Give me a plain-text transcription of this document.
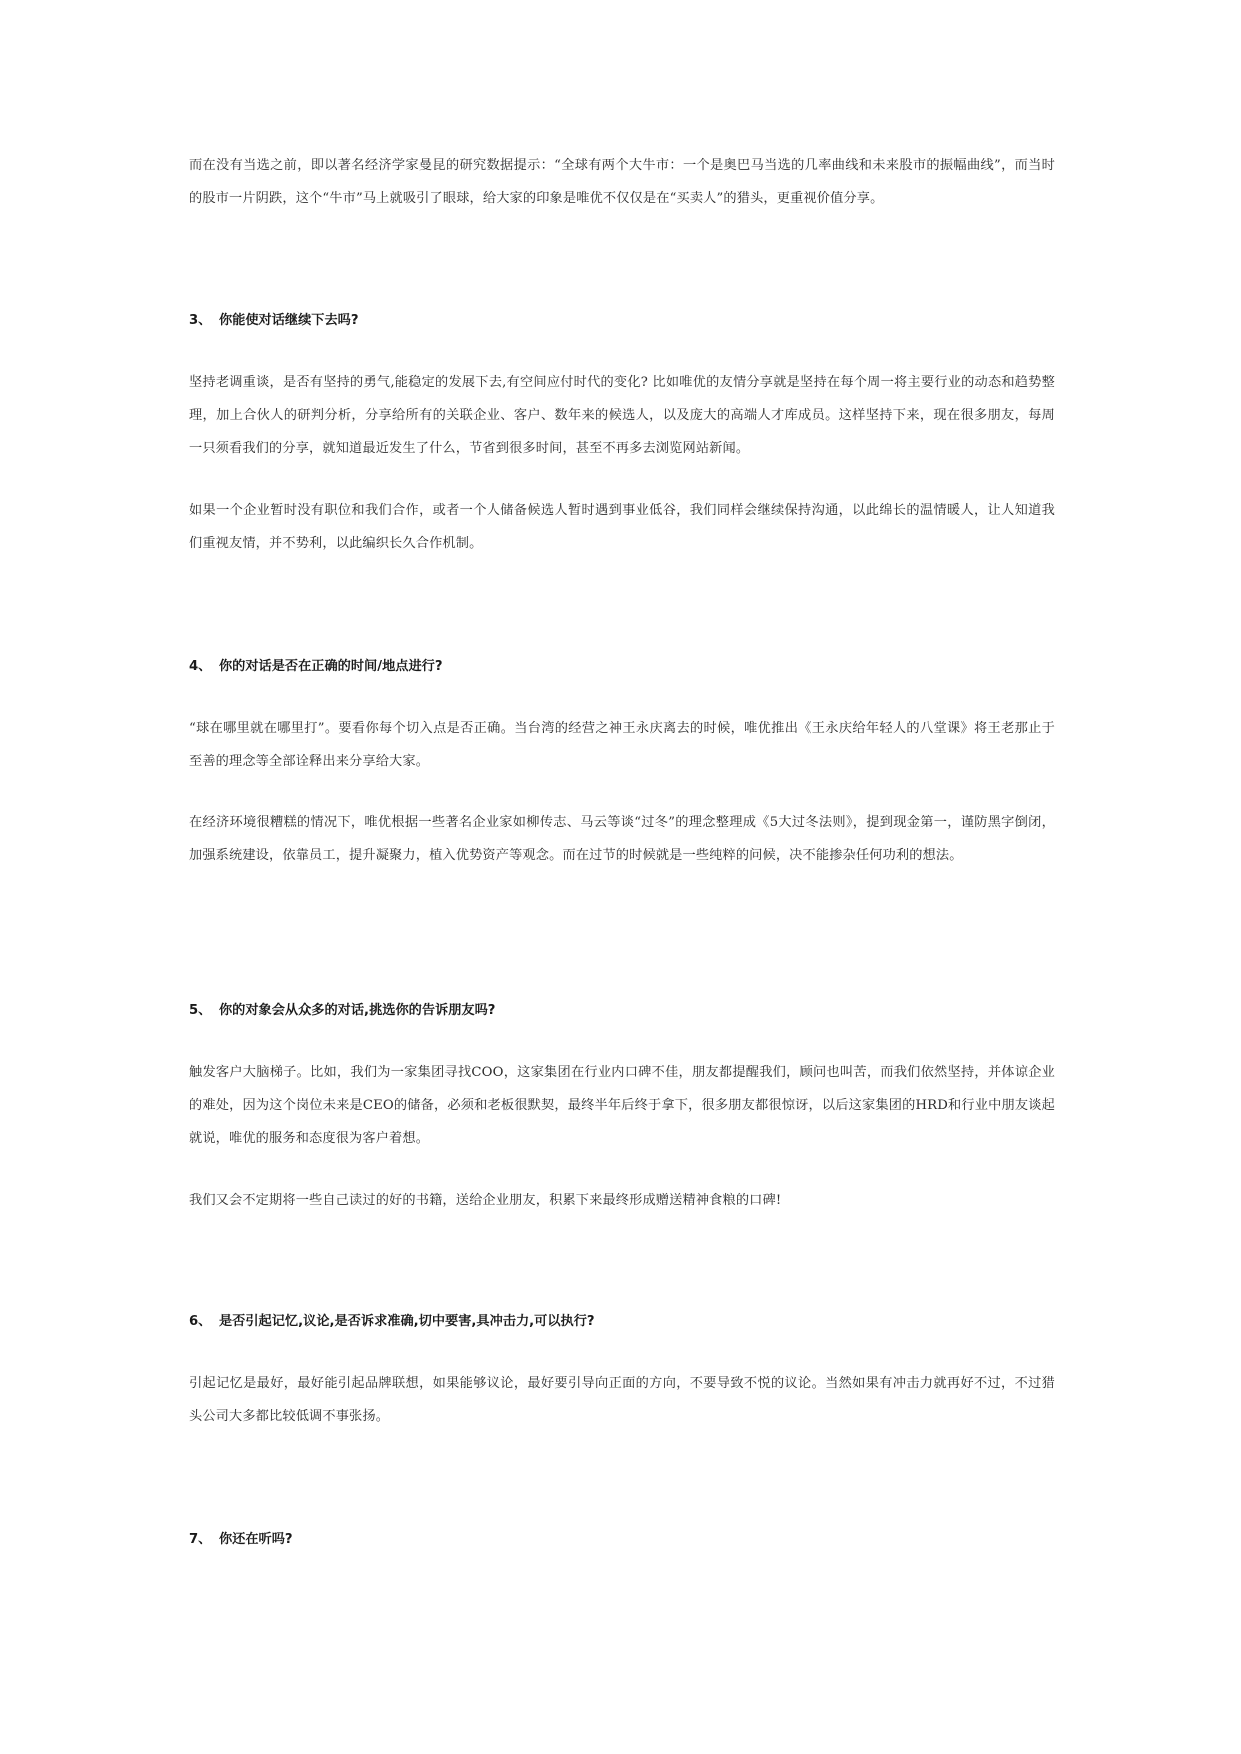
而在没有当选之前，即以著名经济学家曼昆的研究数据提示：“全球有两个大牛市：一个是奥巴马当选的几率曲线和未来股市的振幅曲线”，而当时的股市一片阴跌，这个“牛市”马上就吸引了眼球，给大家的印象是唯优不仅仅是在“买卖人”的猎头，更重视价值分享。

3、 你能使对话继续下去吗?

坚持老调重谈，是否有坚持的勇气,能稳定的发展下去,有空间应付时代的变化? 比如唯优的友情分享就是坚持在每个周一将主要行业的动态和趋势整理，加上合伙人的研判分析，分享给所有的关联企业、客户、数年来的候选人，以及庞大的高端人才库成员。这样坚持下来，现在很多朋友，每周一只须看我们的分享，就知道最近发生了什么，节省到很多时间，甚至不再多去浏览网站新闻。

如果一个企业暂时没有职位和我们合作，或者一个人储备候选人暂时遇到事业低谷，我们同样会继续保持沟通，以此绵长的温情暖人，让人知道我们重视友情，并不势利，以此编织长久合作机制。

4、 你的对话是否在正确的时间/地点进行?

“球在哪里就在哪里打”。要看你每个切入点是否正确。当台湾的经营之神王永庆离去的时候，唯优推出《王永庆给年轻人的八堂课》将王老那止于至善的理念等全部诠释出来分享给大家。

在经济环境很糟糕的情况下，唯优根据一些著名企业家如柳传志、马云等谈“过冬”的理念整理成《5大过冬法则》，提到现金第一，谨防黑字倒闭，加强系统建设，依靠员工，提升凝聚力，植入优势资产等观念。而在过节的时候就是一些纯粹的问候，决不能掺杂任何功利的想法。

5、 你的对象会从众多的对话,挑选你的告诉朋友吗?

触发客户大脑梯子。比如，我们为一家集团寻找COO，这家集团在行业内口碑不佳，朋友都提醒我们，顾问也叫苦，而我们依然坚持，并体谅企业的难处，因为这个岗位未来是CEO的储备，必须和老板很默契，最终半年后终于拿下，很多朋友都很惊讶，以后这家集团的HRD和行业中朋友谈起就说，唯优的服务和态度很为客户着想。

我们又会不定期将一些自己读过的好的书籍，送给企业朋友，积累下来最终形成赠送精神食粮的口碑!

6、 是否引起记忆,议论,是否诉求准确,切中要害,具冲击力,可以执行?

引起记忆是最好，最好能引起品牌联想，如果能够议论，最好要引导向正面的方向，不要导致不悦的议论。当然如果有冲击力就再好不过，不过猎头公司大多都比较低调不事张扬。

7、 你还在听吗?
